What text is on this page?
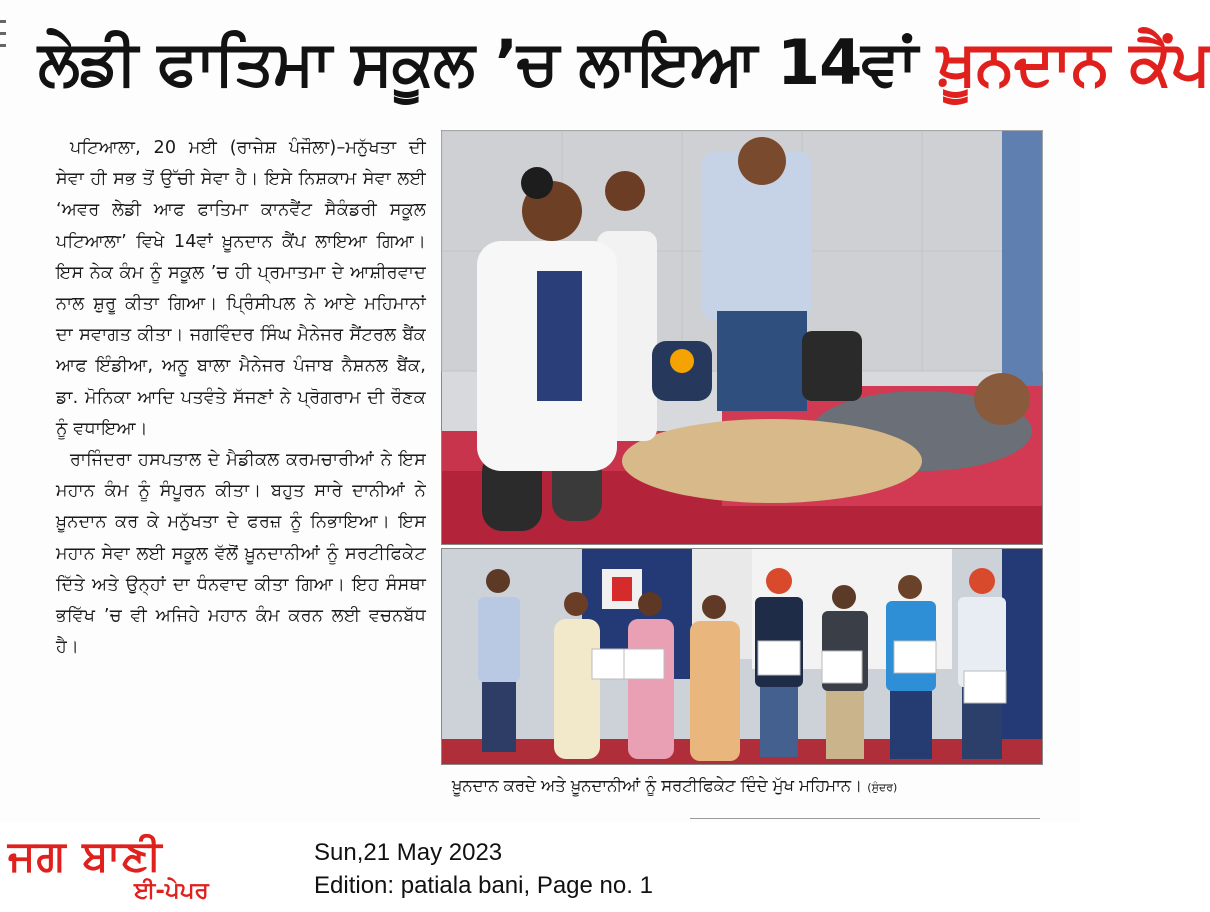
ਲੇਡੀ ਫਾਤਿਮਾ ਸਕੂਲ ’ਚ ਲਾਇਆ 14ਵਾਂ ਖ਼ੂਨਦਾਨ ਕੈਂਪ

ਪਟਿਆਲਾ, 20 ਮਈ (ਰਾਜੇਸ਼ ਪੰਜੌਲਾ)–ਮਨੁੱਖਤਾ ਦੀ ਸੇਵਾ ਹੀ ਸਭ ਤੋਂ ਉੱਚੀ ਸੇਵਾ ਹੈ। ਇਸੇ ਨਿਸ਼ਕਾਮ ਸੇਵਾ ਲਈ ‘ਅਵਰ ਲੇਡੀ ਆਫ ਫਾਤਿਮਾ ਕਾਨਵੈਂਟ ਸੈਕੰਡਰੀ ਸਕੂਲ ਪਟਿਆਲਾ’ ਵਿਖੇ 14ਵਾਂ ਖ਼ੂਨਦਾਨ ਕੈਂਪ ਲਾਇਆ ਗਿਆ। ਇਸ ਨੇਕ ਕੰਮ ਨੂੰ ਸਕੂਲ ’ਚ ਹੀ ਪ੍ਰਮਾਤਮਾ ਦੇ ਆਸ਼ੀਰਵਾਦ ਨਾਲ ਸ਼ੁਰੂ ਕੀਤਾ ਗਿਆ। ਪ੍ਰਿੰਸੀਪਲ ਨੇ ਆਏ ਮਹਿਮਾਨਾਂ ਦਾ ਸਵਾਗਤ ਕੀਤਾ। ਜਗਵਿੰਦਰ ਸਿੰਘ ਮੈਨੇਜਰ ਸੈਂਟਰਲ ਬੈਂਕ ਆਫ ਇੰਡੀਆ, ਅਨੂ ਬਾਲਾ ਮੈਨੇਜਰ ਪੰਜਾਬ ਨੈਸ਼ਨਲ ਬੈਂਕ, ਡਾ. ਮੋਨਿਕਾ ਆਦਿ ਪਤਵੰਤੇ ਸੱਜਣਾਂ ਨੇ ਪ੍ਰੋਗਰਾਮ ਦੀ ਰੌਣਕ ਨੂੰ ਵਧਾਇਆ।

ਰਾਜਿੰਦਰਾ ਹਸਪਤਾਲ ਦੇ ਮੈਡੀਕਲ ਕਰਮਚਾਰੀਆਂ ਨੇ ਇਸ ਮਹਾਨ ਕੰਮ ਨੂੰ ਸੰਪੂਰਨ ਕੀਤਾ। ਬਹੁਤ ਸਾਰੇ ਦਾਨੀਆਂ ਨੇ ਖ਼ੂਨਦਾਨ ਕਰ ਕੇ ਮਨੁੱਖਤਾ ਦੇ ਫਰਜ਼ ਨੂੰ ਨਿਭਾਇਆ। ਇਸ ਮਹਾਨ ਸੇਵਾ ਲਈ ਸਕੂਲ ਵੱਲੋਂ ਖ਼ੂਨਦਾਨੀਆਂ ਨੂੰ ਸਰਟੀਫਿਕੇਟ ਦਿੱਤੇ ਅਤੇ ਉਨ੍ਹਾਂ ਦਾ ਧੰਨਵਾਦ ਕੀਤਾ ਗਿਆ। ਇਹ ਸੰਸਥਾ ਭਵਿੱਖ ’ਚ ਵੀ ਅਜਿਹੇ ਮਹਾਨ ਕੰਮ ਕਰਨ ਲਈ ਵਚਨਬੱਧ ਹੈ।

ਖ਼ੂਨਦਾਨ ਕਰਦੇ ਅਤੇ ਖ਼ੂਨਦਾਨੀਆਂ ਨੂੰ ਸਰਟੀਫਿਕੇਟ ਦਿੰਦੇ ਮੁੱਖ ਮਹਿਮਾਨ। (ਸੁੰਦਰ)
ਜਗ ਬਾਣੀ
ਈ-ਪੇਪਰ
Sun,21 May 2023
Edition: patiala bani, Page no. 1
